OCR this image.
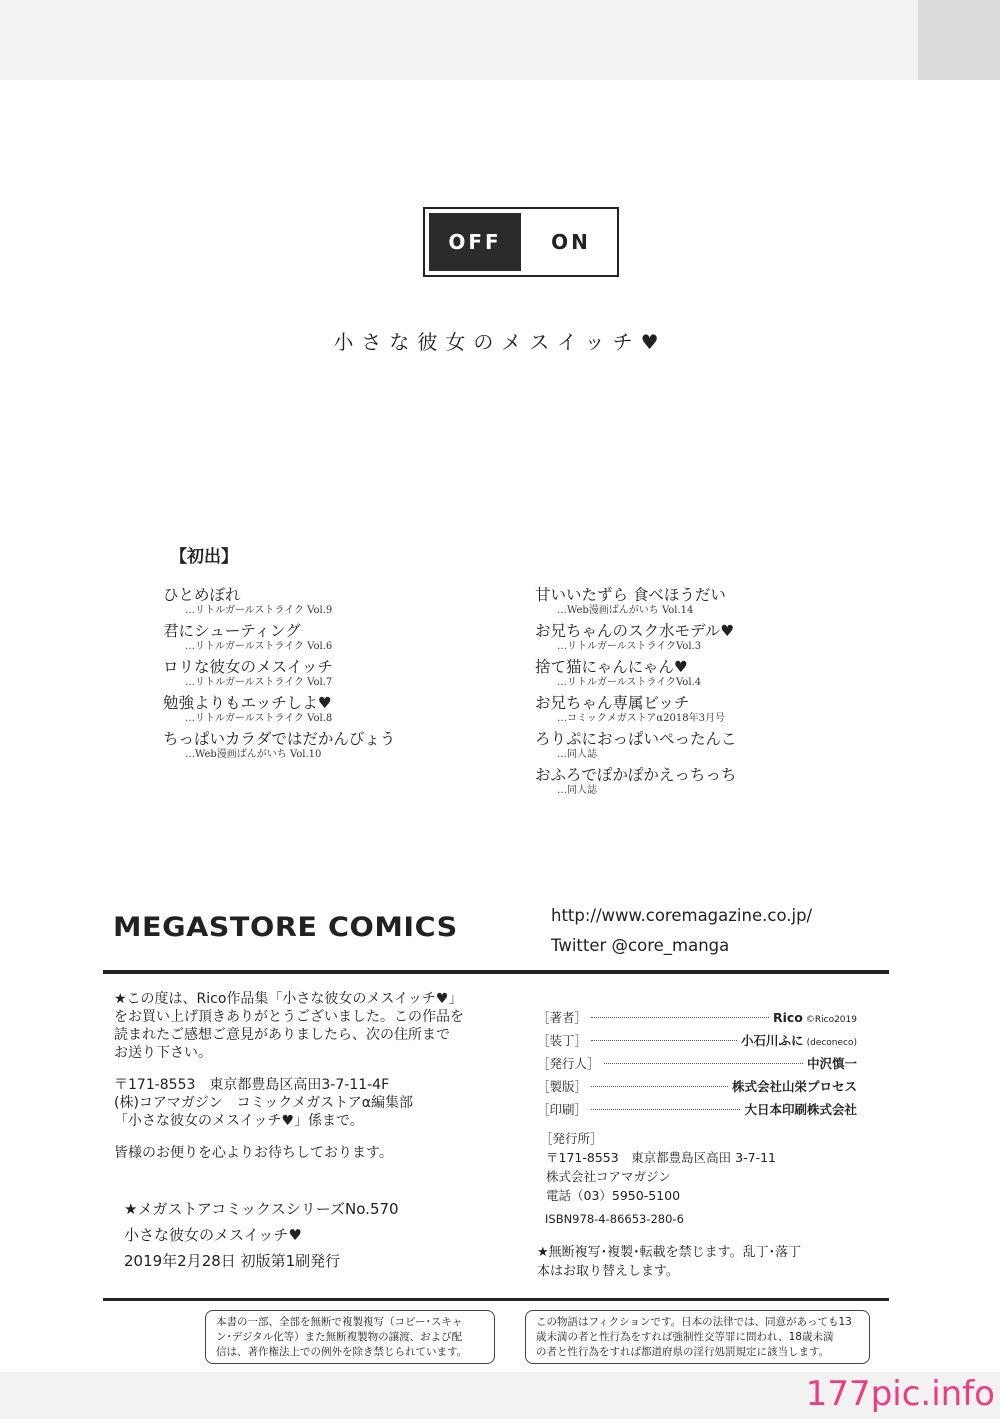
OFF	ON
小さな彼女のメスイッチ♥
【初出】
ひとめぼれ
…リトルガールストライク Vol.9
君にシューティング
…リトルガールストライク Vol.6
ロリな彼女のメスイッチ
…リトルガールストライク Vol.7
勉強よりもエッチしよ♥
…リトルガールストライク Vol.8
ちっぱいカラダではだかんびょう
…Web漫画ばんがいち Vol.10
甘いいたずら 食べほうだい
…Web漫画ばんがいち Vol.14
お兄ちゃんのスク水モデル♥
…リトルガールストライクVol.3
捨て猫にゃんにゃん♥
…リトルガールストライクVol.4
お兄ちゃん専属ビッチ
…コミックメガストアα2018年3月号
ろりぷにおっぱいぺったんこ
…同人誌
おふろでぽかぽかえっちっち
…同人誌
MEGASTORE COMICS	http://www.coremagazine.co.jp/
Twitter @core_manga

★この度は、Rico作品集「小さな彼女のメスイッチ♥」

をお買い上げ頂きありがとうございました。この作品を

読まれたご感想ご意見がありましたら、次の住所まで

お送り下さい。

〒171-8553　東京都豊島区高田3-7-11-4F

(株)コアマガジン　コミックメガストアα編集部

「小さな彼女のメスイッチ♥」係まで。

皆様のお便りを心よりお待ちしております。

★メガストアコミックスシリーズNo.570
小さな彼女のメスイッチ♥
2019年2月28日 初版第1刷発行
［著者］	Rico ©Rico2019
［装丁］	小石川ふに (deconeco)
［発行人］	中沢慎一
［製版］	株式会社山栄プロセス
［印刷］	大日本印刷株式会社

［発行所］

〒171-8553　東京都豊島区高田 3-7-11

株式会社コアマガジン

電話（03）5950-5100

ISBN978-4-86653-280-6
★無断複写･複製･転載を禁じます。乱丁･落丁
本はお取り替えします。
本書の一部、全部を無断で複製複写（コピー･スキャ
ン･デジタル化等）また無断複製物の譲渡、および配
信は、著作権法上での例外を除き禁じられています。
この物語はフィクションです。日本の法律では、同意があっても13
歳未満の者と性行為をすれば強制性交等罪に問われ、18歳未満
の者と性行為をすれば都道府県の淫行処罰規定に該当します。
177pic.info
